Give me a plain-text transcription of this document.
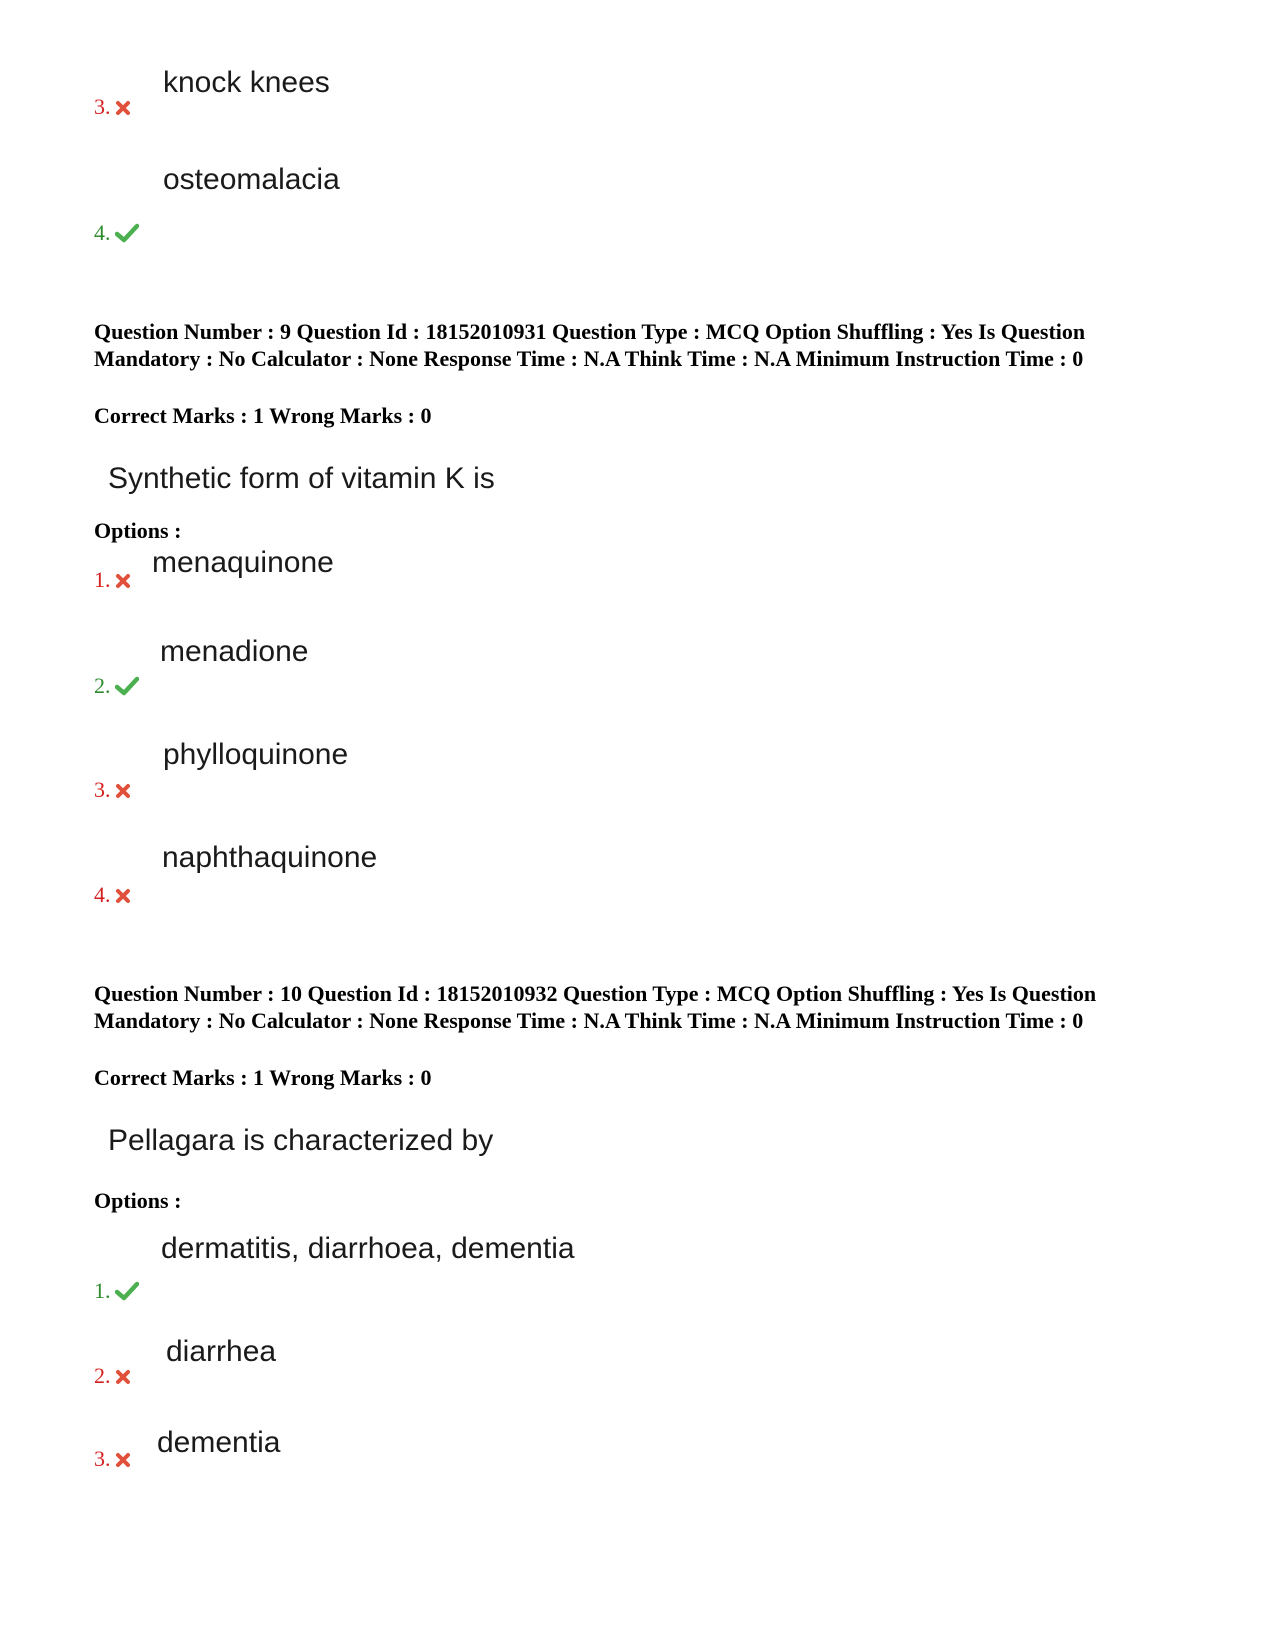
knock knees
3.
osteomalacia
4.
Question Number : 9 Question Id : 18152010931 Question Type : MCQ Option Shuffling : Yes Is Question Mandatory : No Calculator : None Response Time : N.A Think Time : N.A Minimum Instruction Time : 0
Correct Marks : 1 Wrong Marks : 0
Synthetic form of vitamin K is
Options :
menaquinone
1.
menadione
2.
phylloquinone
3.
naphthaquinone
4.
Question Number : 10 Question Id : 18152010932 Question Type : MCQ Option Shuffling : Yes Is Question Mandatory : No Calculator : None Response Time : N.A Think Time : N.A Minimum Instruction Time : 0
Correct Marks : 1 Wrong Marks : 0
Pellagara is characterized by
Options :
dermatitis, diarrhoea, dementia
1.
diarrhea
2.
dementia
3.
